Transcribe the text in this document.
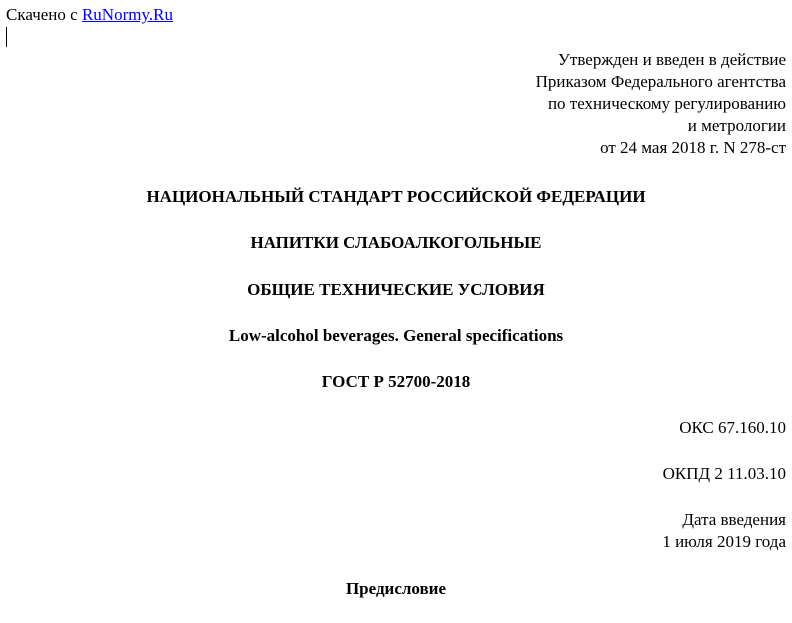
Скачено с RuNormy.Ru
Утвержден и введен в действие
Приказом Федерального агентства
по техническому регулированию
и метрологии
от 24 мая 2018 г. N 278-ст
НАЦИОНАЛЬНЫЙ СТАНДАРТ РОССИЙСКОЙ ФЕДЕРАЦИИ
НАПИТКИ СЛАБОАЛКОГОЛЬНЫЕ
ОБЩИЕ ТЕХНИЧЕСКИЕ УСЛОВИЯ
Low-alcohol beverages. General specifications
ГОСТ Р 52700-2018
ОКС 67.160.10
ОКПД 2 11.03.10
Дата введения
1 июля 2019 года
Предисловие
